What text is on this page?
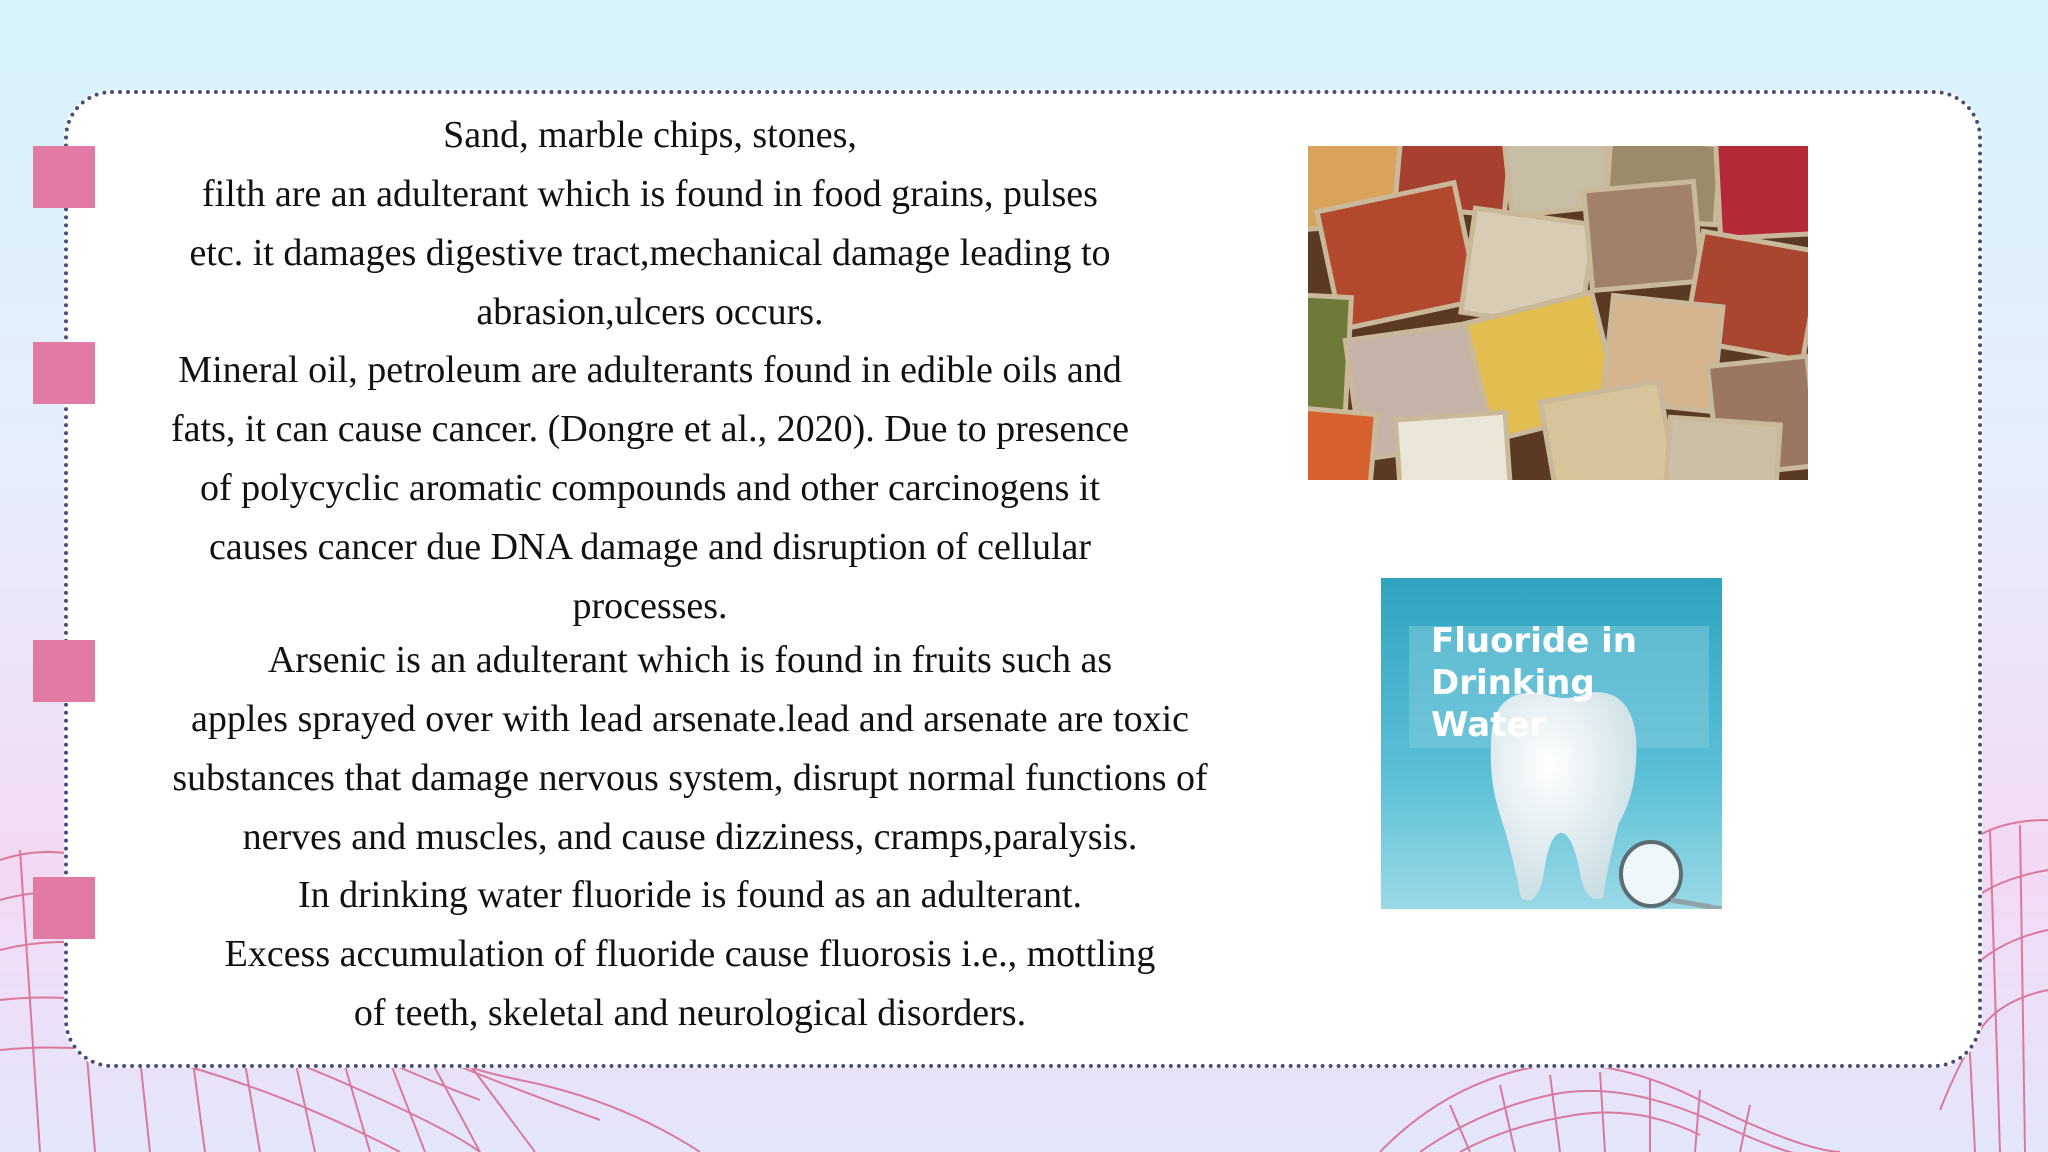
Sand, marble chips, stones,
filth are an adulterant which is found in food grains, pulses
etc. it damages digestive tract,mechanical damage leading to
abrasion,ulcers occurs.
Mineral oil, petroleum are adulterants found in edible oils and
fats, it can cause cancer. (Dongre et al., 2020). Due to presence
of polycyclic aromatic compounds and other carcinogens it
causes cancer due DNA damage and disruption of cellular
processes.
Arsenic is an adulterant which is found in fruits such as
apples sprayed over with lead arsenate.lead and arsenate are toxic
substances that damage nervous system, disrupt normal functions of
nerves and muscles, and cause dizziness, cramps,paralysis.
In drinking water fluoride is found as an adulterant.
Excess accumulation of fluoride cause fluorosis i.e., mottling
of teeth, skeletal and neurological disorders.
Fluoride in
Drinking
Water
